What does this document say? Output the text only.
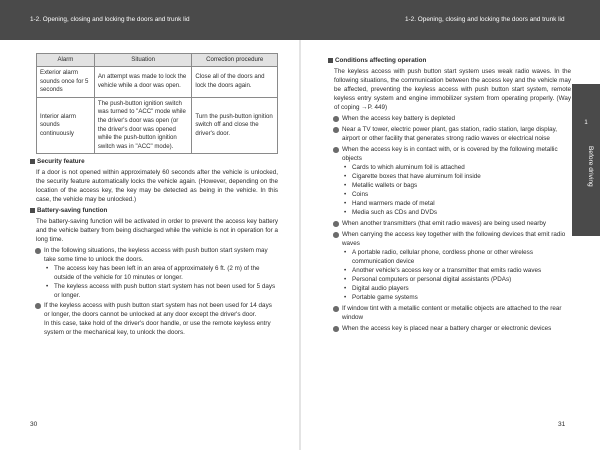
1-2. Opening, closing and locking the doors and trunk lid	1-2. Opening, closing and locking the doors and trunk lid
1
Before driving
Alarm	Situation	Correction procedure
Exterior alarm sounds once for 5 seconds	An attempt was made to lock the vehicle while a door was open.	Close all of the doors and lock the doors again.
Interior alarm sounds continuously	The push-button ignition switch was turned to "ACC" mode while the driver's door was open (or the driver's door was opened while the push-button ignition switch was in "ACC" mode).	Turn the push-button ignition switch off and close the driver's door.
Security feature
If a door is not opened within approximately 60 seconds after the vehicle is unlocked, the security feature automatically locks the vehicle again. (However, depending on the location of the access key, the key may be detected as being in the vehicle. In this case, the vehicle may be unlocked.)
Battery-saving function
The battery-saving function will be activated in order to prevent the access key battery and the vehicle battery from being discharged while the vehicle is not in operation for a long time.
In the following situations, the keyless access with push button start system may take some time to unlock the doors.
• The access key has been left in an area of approximately 6 ft. (2 m) of the outside of the vehicle for 10 minutes or longer.
• The keyless access with push button start system has not been used for 5 days or longer.
If the keyless access with push button start system has not been used for 14 days or longer, the doors cannot be unlocked at any door except the driver's door.
In this case, take hold of the driver's door handle, or use the remote keyless entry system or the mechanical key, to unlock the doors.
Conditions affecting operation
The keyless access with push button start system uses weak radio waves. In the following situations, the communication between the access key and the vehicle may be affected, preventing the keyless access with push button start system, remote keyless entry system and engine immobilizer system from operating properly. (Way of coping →P. 449)
When the access key battery is depleted
Near a TV tower, electric power plant, gas station, radio station, large display, airport or other facility that generates strong radio waves or electrical noise
When the access key is in contact with, or is covered by the following metallic objects
• Cards to which aluminum foil is attached
• Cigarette boxes that have aluminum foil inside
• Metallic wallets or bags
• Coins
• Hand warmers made of metal
• Media such as CDs and DVDs
When another transmitters (that emit radio waves) are being used nearby
When carrying the access key together with the following devices that emit radio waves
• A portable radio, cellular phone, cordless phone or other wireless communication device
• Another vehicle's access key or a transmitter that emits radio waves
• Personal computers or personal digital assistants (PDAs)
• Digital audio players
• Portable game systems
If window tint with a metallic content or metallic objects are attached to the rear window
When the access key is placed near a battery charger or electronic devices
30	31
